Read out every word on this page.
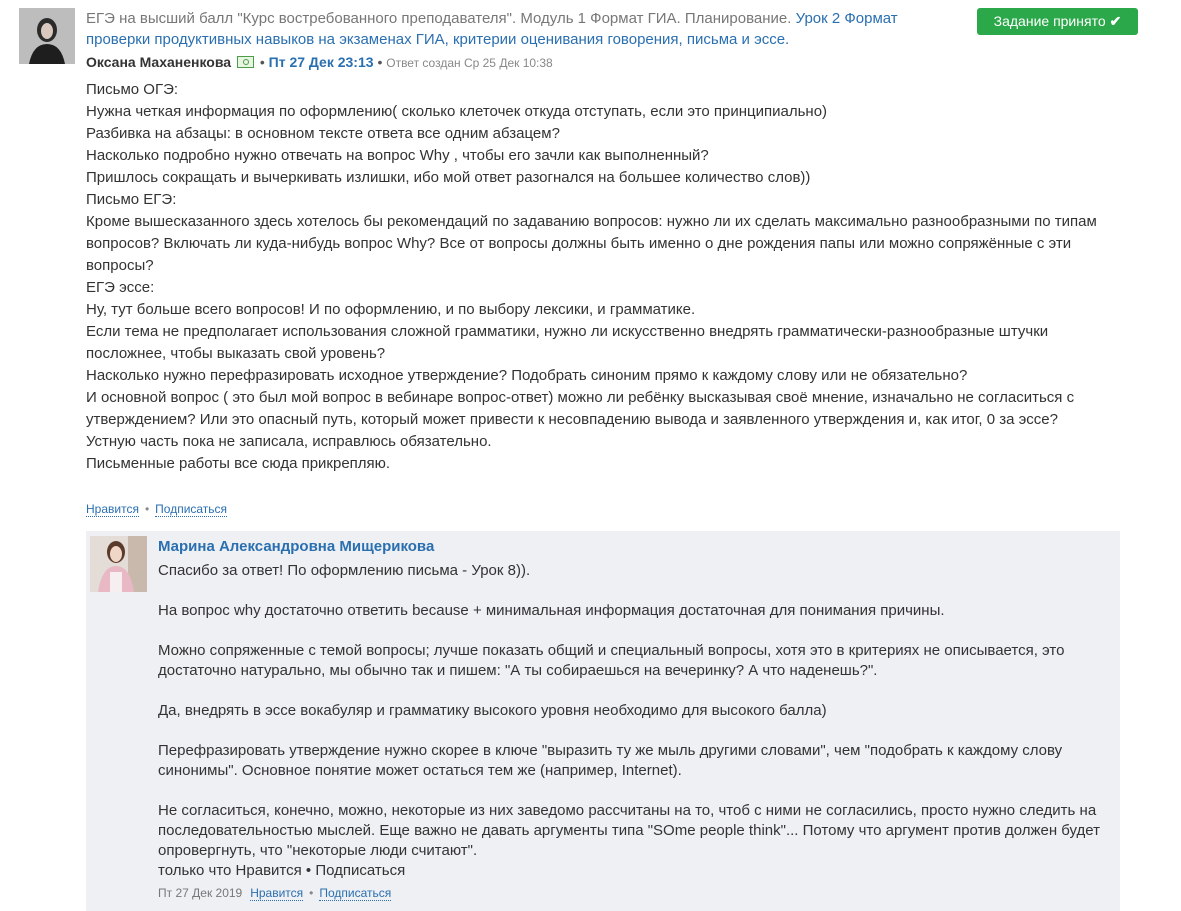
ЕГЭ на высший балл "Курс востребованного преподавателя". Модуль 1 Формат ГИА. Планирование. Урок 2 Формат проверки продуктивных навыков на экзаменах ГИА, критерии оценивания говорения, письма и эссе.
Задание принято ✔
Оксана Маханенкова • Пт 27 Дек 23:13 • Ответ создан Ср 25 Дек 10:38

Письмо ОГЭ:

Нужна четкая информация по оформлению( сколько клеточек откуда отступать, если это принципиально)

Разбивка на абзацы: в основном тексте ответа все одним абзацем?

Насколько подробно нужно отвечать на вопрос Why , чтобы его зачли как выполненный?

Пришлось сокращать и вычеркивать излишки, ибо мой ответ разогнался на большее количество слов))

Письмо ЕГЭ:

Кроме вышесказанного здесь хотелось бы рекомендаций по задаванию вопросов: нужно ли их сделать максимально разнообразными по типам вопросов? Включать ли куда-нибудь вопрос Why? Все от вопросы должны быть именно о дне рождения папы или можно сопряжённые с эти вопросы?

ЕГЭ эссе:

Ну, тут больше всего вопросов! И по оформлению, и по выбору лексики, и грамматике.

Если тема не предполагает использования сложной грамматики, нужно ли искусственно внедрять грамматически-разнообразные штучки посложнее, чтобы выказать свой уровень?

Насколько нужно перефразировать исходное утверждение? Подобрать синоним прямо к каждому слову или не обязательно?

И основной вопрос ( это был мой вопрос в вебинаре вопрос-ответ) можно ли ребёнку высказывая своё мнение, изначально не согласиться с утверждением? Или это опасный путь, который может привести к несовпадению вывода и заявленного утверждения и, как итог, 0 за эссе?

Устную часть пока не записала, исправлюсь обязательно.

Письменные работы все сюда прикрепляю.

Нравится • Подписаться
Марина Александровна Мищерикова

Спасибо за ответ! По оформлению письма - Урок 8)).

На вопрос why достаточно ответить because + минимальная информация достаточная для понимания причины.

Можно сопряженные с темой вопросы; лучше показать общий и специальный вопросы, хотя это в критериях не описывается, это достаточно натурально, мы обычно так и пишем: "А ты собираешься на вечеринку? А что наденешь?".

Да, внедрять в эссе вокабуляр и грамматику высокого уровня необходимо для высокого балла)

Перефразировать утверждение нужно скорее в ключе "выразить ту же мыль другими словами", чем "подобрать к каждому слову синонимы". Основное понятие может остаться тем же (например, Internet).

Не согласиться, конечно, можно, некоторые из них заведомо рассчитаны на то, чтоб с ними не согласились, просто нужно следить на последовательностью мыслей. Еще важно не давать аргументы типа "SOme people think"... Потому что аргумент против должен будет опровергнуть, что "некоторые люди считают".

только что Нравится • Подписаться

Пт 27 Дек 2019 Нравится • Подписаться
